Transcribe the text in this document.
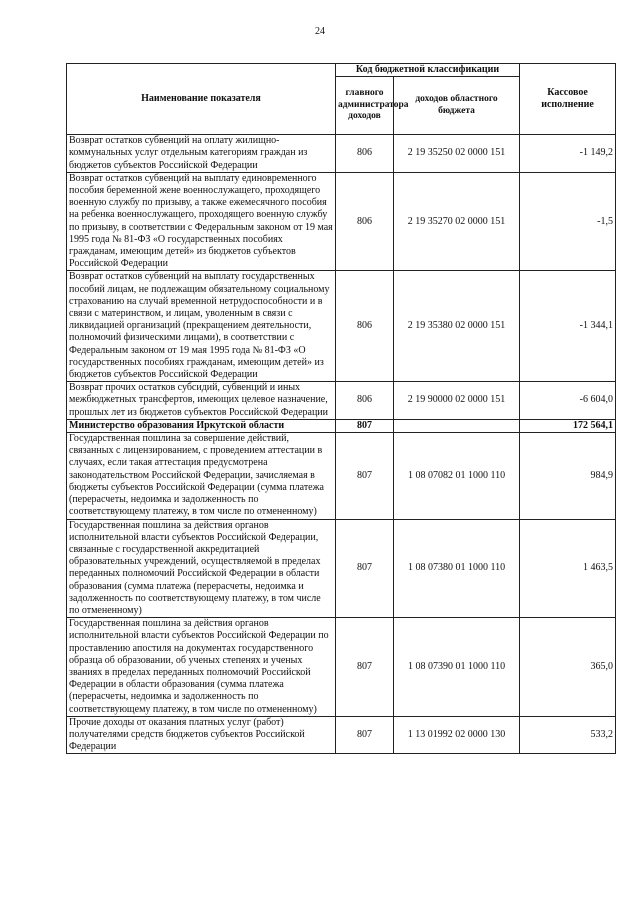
24
Наименование показателя	Код бюджетной классификации		Кассовое исполнение
	главного администратора доходов	доходов областного бюджета	
Возврат остатков субвенций на оплату жилищно-коммунальных услуг отдельным категориям граждан из бюджетов субъектов Российской Федерации	806	2 19 35250 02 0000 151	-1 149,2
Возврат остатков субвенций на выплату единовременного пособия беременной жене военнослужащего, проходящего военную службу по призыву, а также ежемесячного пособия на ребенка военнослужащего, проходящего военную службу по призыву, в соответствии с Федеральным законом от 19 мая 1995 года № 81-ФЗ «О государственных пособиях гражданам, имеющим детей» из бюджетов субъектов Российской Федерации	806	2 19 35270 02 0000 151	-1,5
Возврат остатков субвенций на выплату государственных пособий лицам, не подлежащим обязательному социальному страхованию на случай временной нетрудоспособности и в связи с материнством, и лицам, уволенным в связи с ликвидацией организаций (прекращением деятельности, полномочий физическими лицами), в соответствии с Федеральным законом от 19 мая 1995 года № 81-ФЗ «О государственных пособиях гражданам, имеющим детей» из бюджетов субъектов Российской Федерации	806	2 19 35380 02 0000 151	-1 344,1
Возврат прочих остатков субсидий, субвенций и иных межбюджетных трансфертов, имеющих целевое назначение, прошлых лет из бюджетов субъектов Российской Федерации	806	2 19 90000 02 0000 151	-6 604,0
Министерство образования Иркутской области	807		172 564,1
Государственная пошлина за совершение действий, связанных с лицензированием, с проведением аттестации в случаях, если такая аттестация предусмотрена законодательством Российской Федерации, зачисляемая в бюджеты субъектов Российской Федерации (сумма платежа (перерасчеты, недоимка и задолженность по соответствующему платежу, в том числе по отмененному)	807	1 08 07082 01 1000 110	984,9
Государственная пошлина за действия органов исполнительной власти субъектов Российской Федерации, связанные с государственной аккредитацией образовательных учреждений, осуществляемой в пределах переданных полномочий Российской Федерации в области образования (сумма платежа (перерасчеты, недоимка и задолженность по соответствующему платежу, в том числе по отмененному)	807	1 08 07380 01 1000 110	1 463,5
Государственная пошлина за действия органов исполнительной власти субъектов Российской Федерации по проставлению апостиля на документах государственного образца об образовании, об ученых степенях и ученых званиях в пределах переданных полномочий Российской Федерации в области образования (сумма платежа (перерасчеты, недоимка и задолженность по соответствующему платежу, в том числе по отмененному)	807	1 08 07390 01 1000 110	365,0
Прочие доходы от оказания платных услуг (работ) получателями средств бюджетов субъектов Российской Федерации	807	1 13 01992 02 0000 130	533,2
